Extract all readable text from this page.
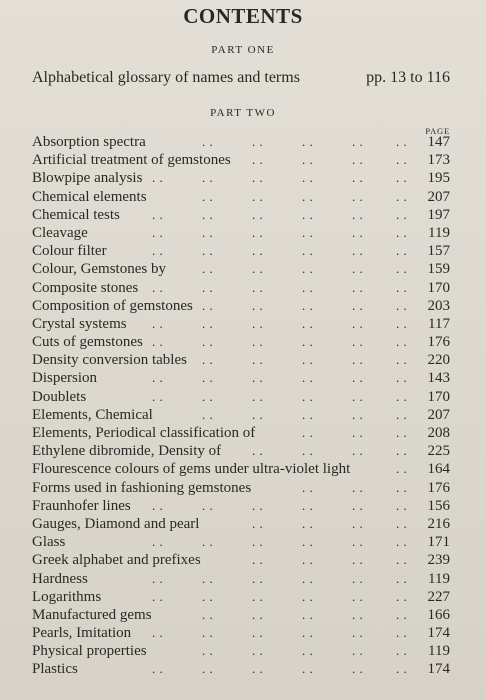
CONTENTS
PART ONE
Alphabetical glossary of names and terms	pp. 13 to 116
PART TWO
PAGE
. .	. .	. .	. .	. .
Absorption spectra	147
. .	. .	. .	. .
Artificial treatment of gemstones	173
. .	. .	. .	. .	. .	. .
Blowpipe analysis	195
. .	. .	. .	. .	. .
Chemical elements	207
. .	. .	. .	. .	. .	. .
Chemical tests	197
. .	. .	. .	. .	. .	. .
Cleavage	119
. .	. .	. .	. .	. .	. .
Colour filter	157
. .	. .	. .	. .	. .
Colour, Gemstones by	159
. .	. .	. .	. .	. .	. .
Composite stones	170
. .	. .	. .	. .	. .
Composition of gemstones	203
. .	. .	. .	. .	. .	. .
Crystal systems	117
. .	. .	. .	. .	. .	. .
Cuts of gemstones	176
. .	. .	. .	. .	. .
Density conversion tables	220
. .	. .	. .	. .	. .	. .
Dispersion	143
. .	. .	. .	. .	. .	. .
Doublets	170
. .	. .	. .	. .	. .
Elements, Chemical	207
. .	. .	. .
Elements, Periodical classification of	208
. .	. .	. .	. .
Ethylene dibromide, Density of	225
. .
Flourescence colours of gems under ultra-violet light	164
. .	. .	. .
Forms used in fashioning gemstones	176
. .	. .	. .	. .	. .	. .
Fraunhofer lines	156
. .	. .	. .	. .
Gauges, Diamond and pearl	216
. .	. .	. .	. .	. .	. .
Glass	171
. .	. .	. .	. .
Greek alphabet and prefixes	239
. .	. .	. .	. .	. .	. .
Hardness	119
. .	. .	. .	. .	. .	. .
Logarithms	227
. .	. .	. .	. .	. .
Manufactured gems	166
. .	. .	. .	. .	. .	. .
Pearls, Imitation	174
. .	. .	. .	. .	. .
Physical properties	119
. .	. .	. .	. .	. .	. .
Plastics	174
